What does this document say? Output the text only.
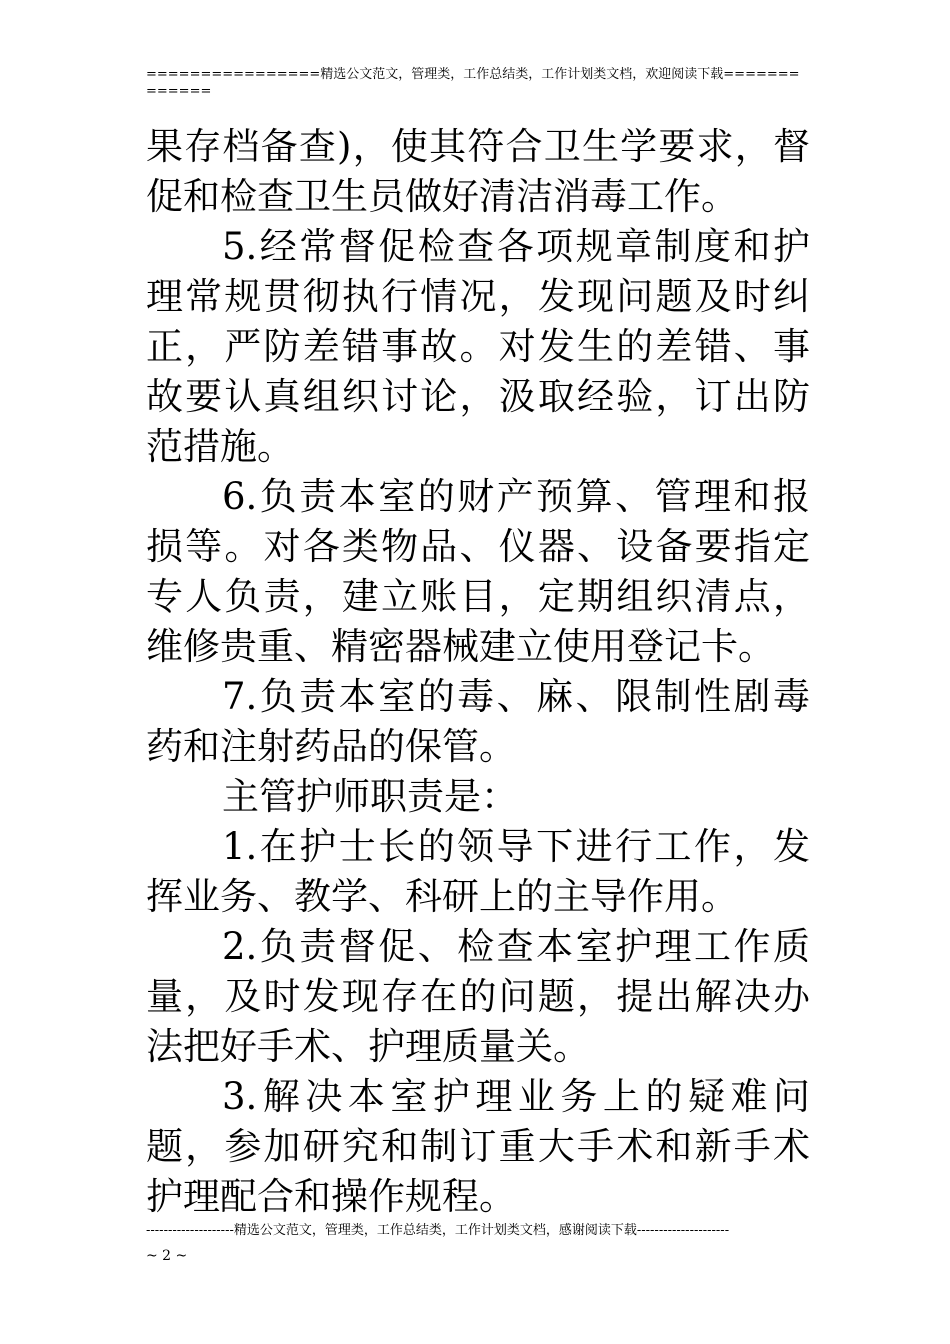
================精选公文范文，管理类，工作总结类，工作计划类文档，欢迎阅读下载=============

果存档备查)，使其符合卫生学要求，督促和检查卫生员做好清洁消毒工作。

5.经常督促检查各项规章制度和护理常规贯彻执行情况，发现问题及时纠正，严防差错事故。对发生的差错、事故要认真组织讨论，汲取经验，订出防范措施。

6.负责本室的财产预算、管理和报损等。对各类物品、仪器、设备要指定专人负责，建立账目，定期组织清点，维修贵重、精密器械建立使用登记卡。

7.负责本室的毒、麻、限制性剧毒药和注射药品的保管。

主管护师职责是：

1.在护士长的领导下进行工作，发挥业务、教学、科研上的主导作用。

2.负责督促、检查本室护理工作质量，及时发现存在的问题，提出解决办法把好手术、护理质量关。

3.解决本室护理业务上的疑难问题，参加研究和制订重大手术和新手术护理配合和操作规程。

--------------------精选公文范文，管理类，工作总结类，工作计划类文档，感谢阅读下载---------------------
~ 2 ~
